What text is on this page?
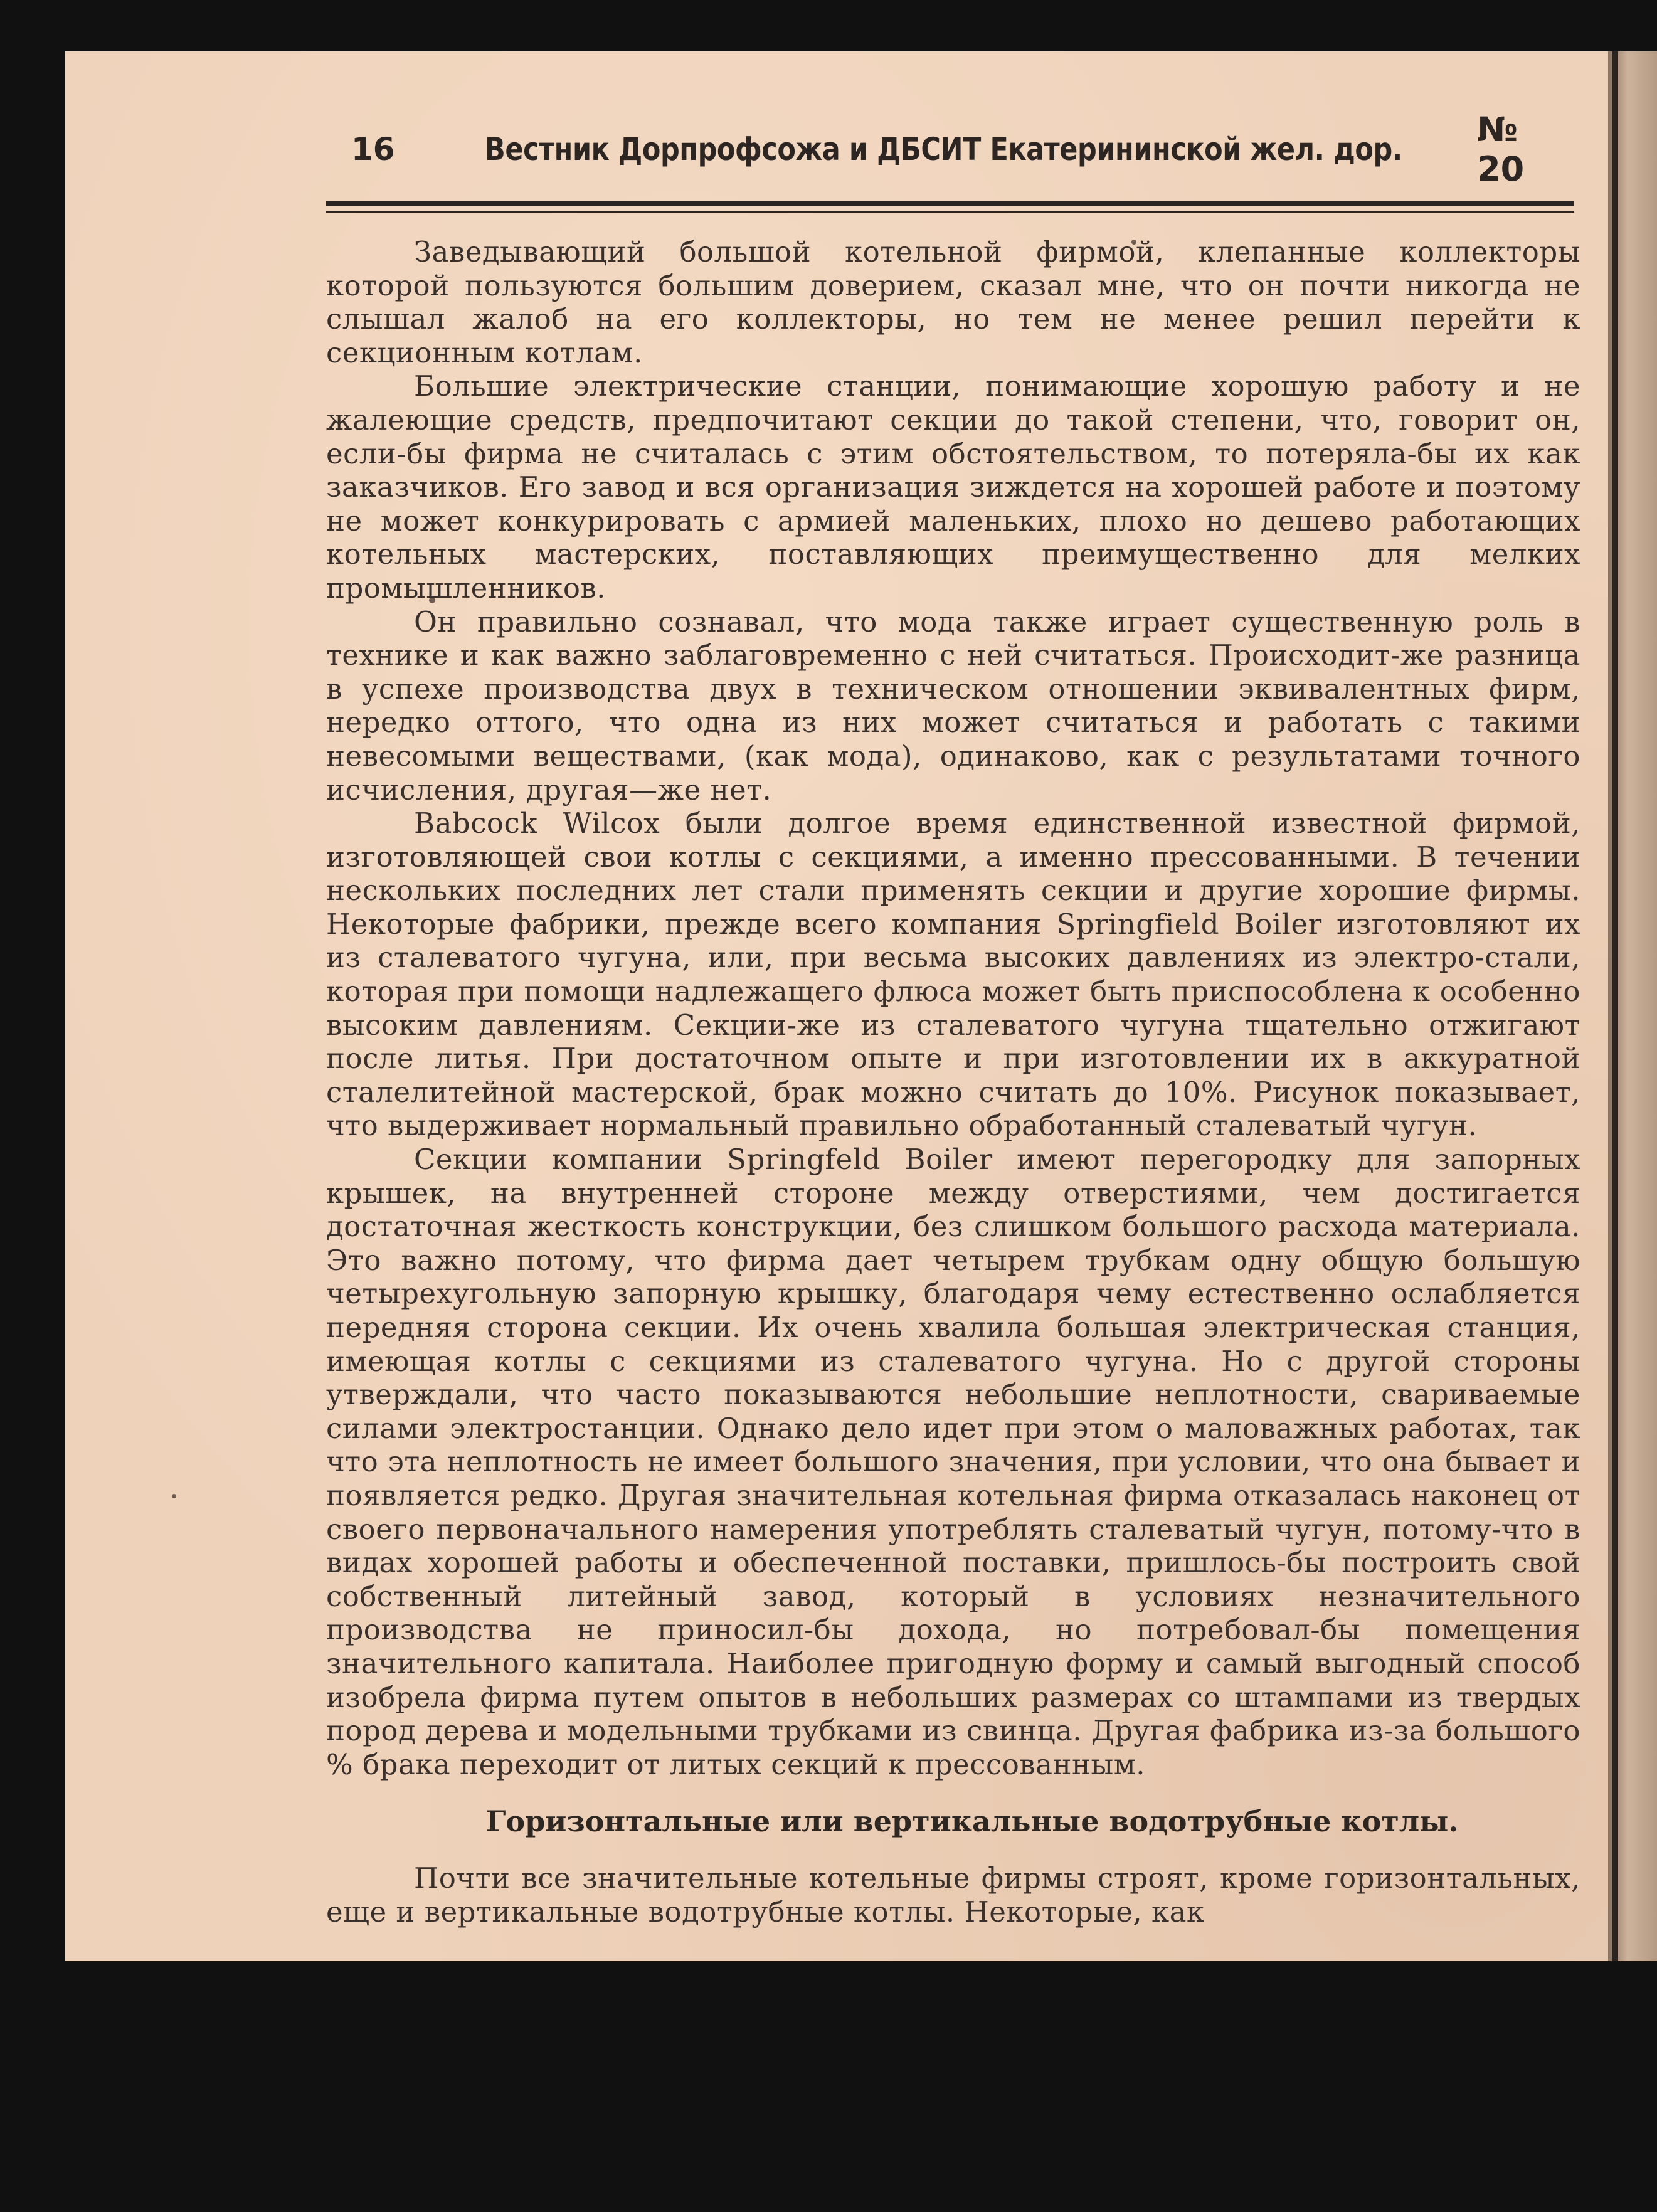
16	Вестник Дорпрофсожа и ДБСИТ Екатерининской жел. дор. № 20

Заведывающий большой котельной фирмой, клепанные коллекторы которой пользуются большим доверием, сказал мне, что он почти никогда не слышал жалоб на его коллекторы, но тем не менее решил перейти к секционным котлам.

Большие электрические станции, понимающие хорошую работу и не жалеющие средств, предпочитают секции до такой степени, что, говорит он, если-бы фирма не считалась с этим обстоятельством, то потеряла-бы их как заказчиков. Его завод и вся организация зиждется на хорошей работе и поэтому не может конкурировать с армией маленьких, плохо но дешево работающих котельных мастерских, поставляющих преимущественно для мелких промышленников.

Он правильно сознавал, что мода также играет существенную роль в технике и как важно заблаговременно с ней считаться. Происходит-же разница в успехе производства двух в техническом отношении эквивалентных фирм, нередко оттого, что одна из них может считаться и работать с такими невесомыми веществами, (как мода), одинаково, как с результатами точного исчисления, другая—же нет.

Babcock Wilcox были долгое время единственной известной фирмой, изготовляющей свои котлы с секциями, а именно прессованными. В течении нескольких последних лет стали применять секции и другие хорошие фирмы. Некоторые фабрики, прежде всего компания Springfield Boiler изготовляют их из сталеватого чугуна, или, при весьма высоких давлениях из электро-стали, которая при помощи надлежащего флюса может быть приспособлена к особенно высоким давлениям. Секции-же из сталеватого чугуна тщательно отжигают после литья. При достаточном опыте и при изготовлении их в аккуратной сталелитейной мастерской, брак можно считать до 10%. Рисунок показывает, что выдерживает нормальный правильно обработанный сталеватый чугун.

Секции компании Springfeld Boiler имеют перегородку для запорных крышек, на внутренней стороне между отверстиями, чем достигается достаточная жесткость конструкции, без слишком большого расхода материала. Это важно потому, что фирма дает четырем трубкам одну общую большую четырехугольную запорную крышку, благодаря чему естественно ослабляется передняя сторона секции. Их очень хвалила большая электрическая станция, имеющая котлы с секциями из сталеватого чугуна. Но с другой стороны утверждали, что часто показываются небольшие неплотности, свариваемые силами электростанции. Однако дело идет при этом о маловажных работах, так что эта неплотность не имеет большого значения, при условии, что она бывает и появляется редко. Другая значительная котельная фирма отказалась наконец от своего первоначального намерения употреблять сталеватый чугун, потому-что в видах хорошей работы и обеспеченной поставки, пришлось-бы построить свой собственный литейный завод, который в условиях незначительного производства не приносил-бы дохода, но потребовал-бы помещения значительного капитала. Наиболее пригодную форму и самый выгодный способ изобрела фирма путем опытов в небольших размерах со штампами из твердых пород дерева и модельными трубками из свинца. Другая фабрика из-за большого % брака переходит от литых секций к прессованным.

Горизонтальные или вертикальные водотрубные котлы.

Почти все значительные котельные фирмы строят, кроме горизонтальных, еще и вертикальные водотрубные котлы. Некоторые, как
